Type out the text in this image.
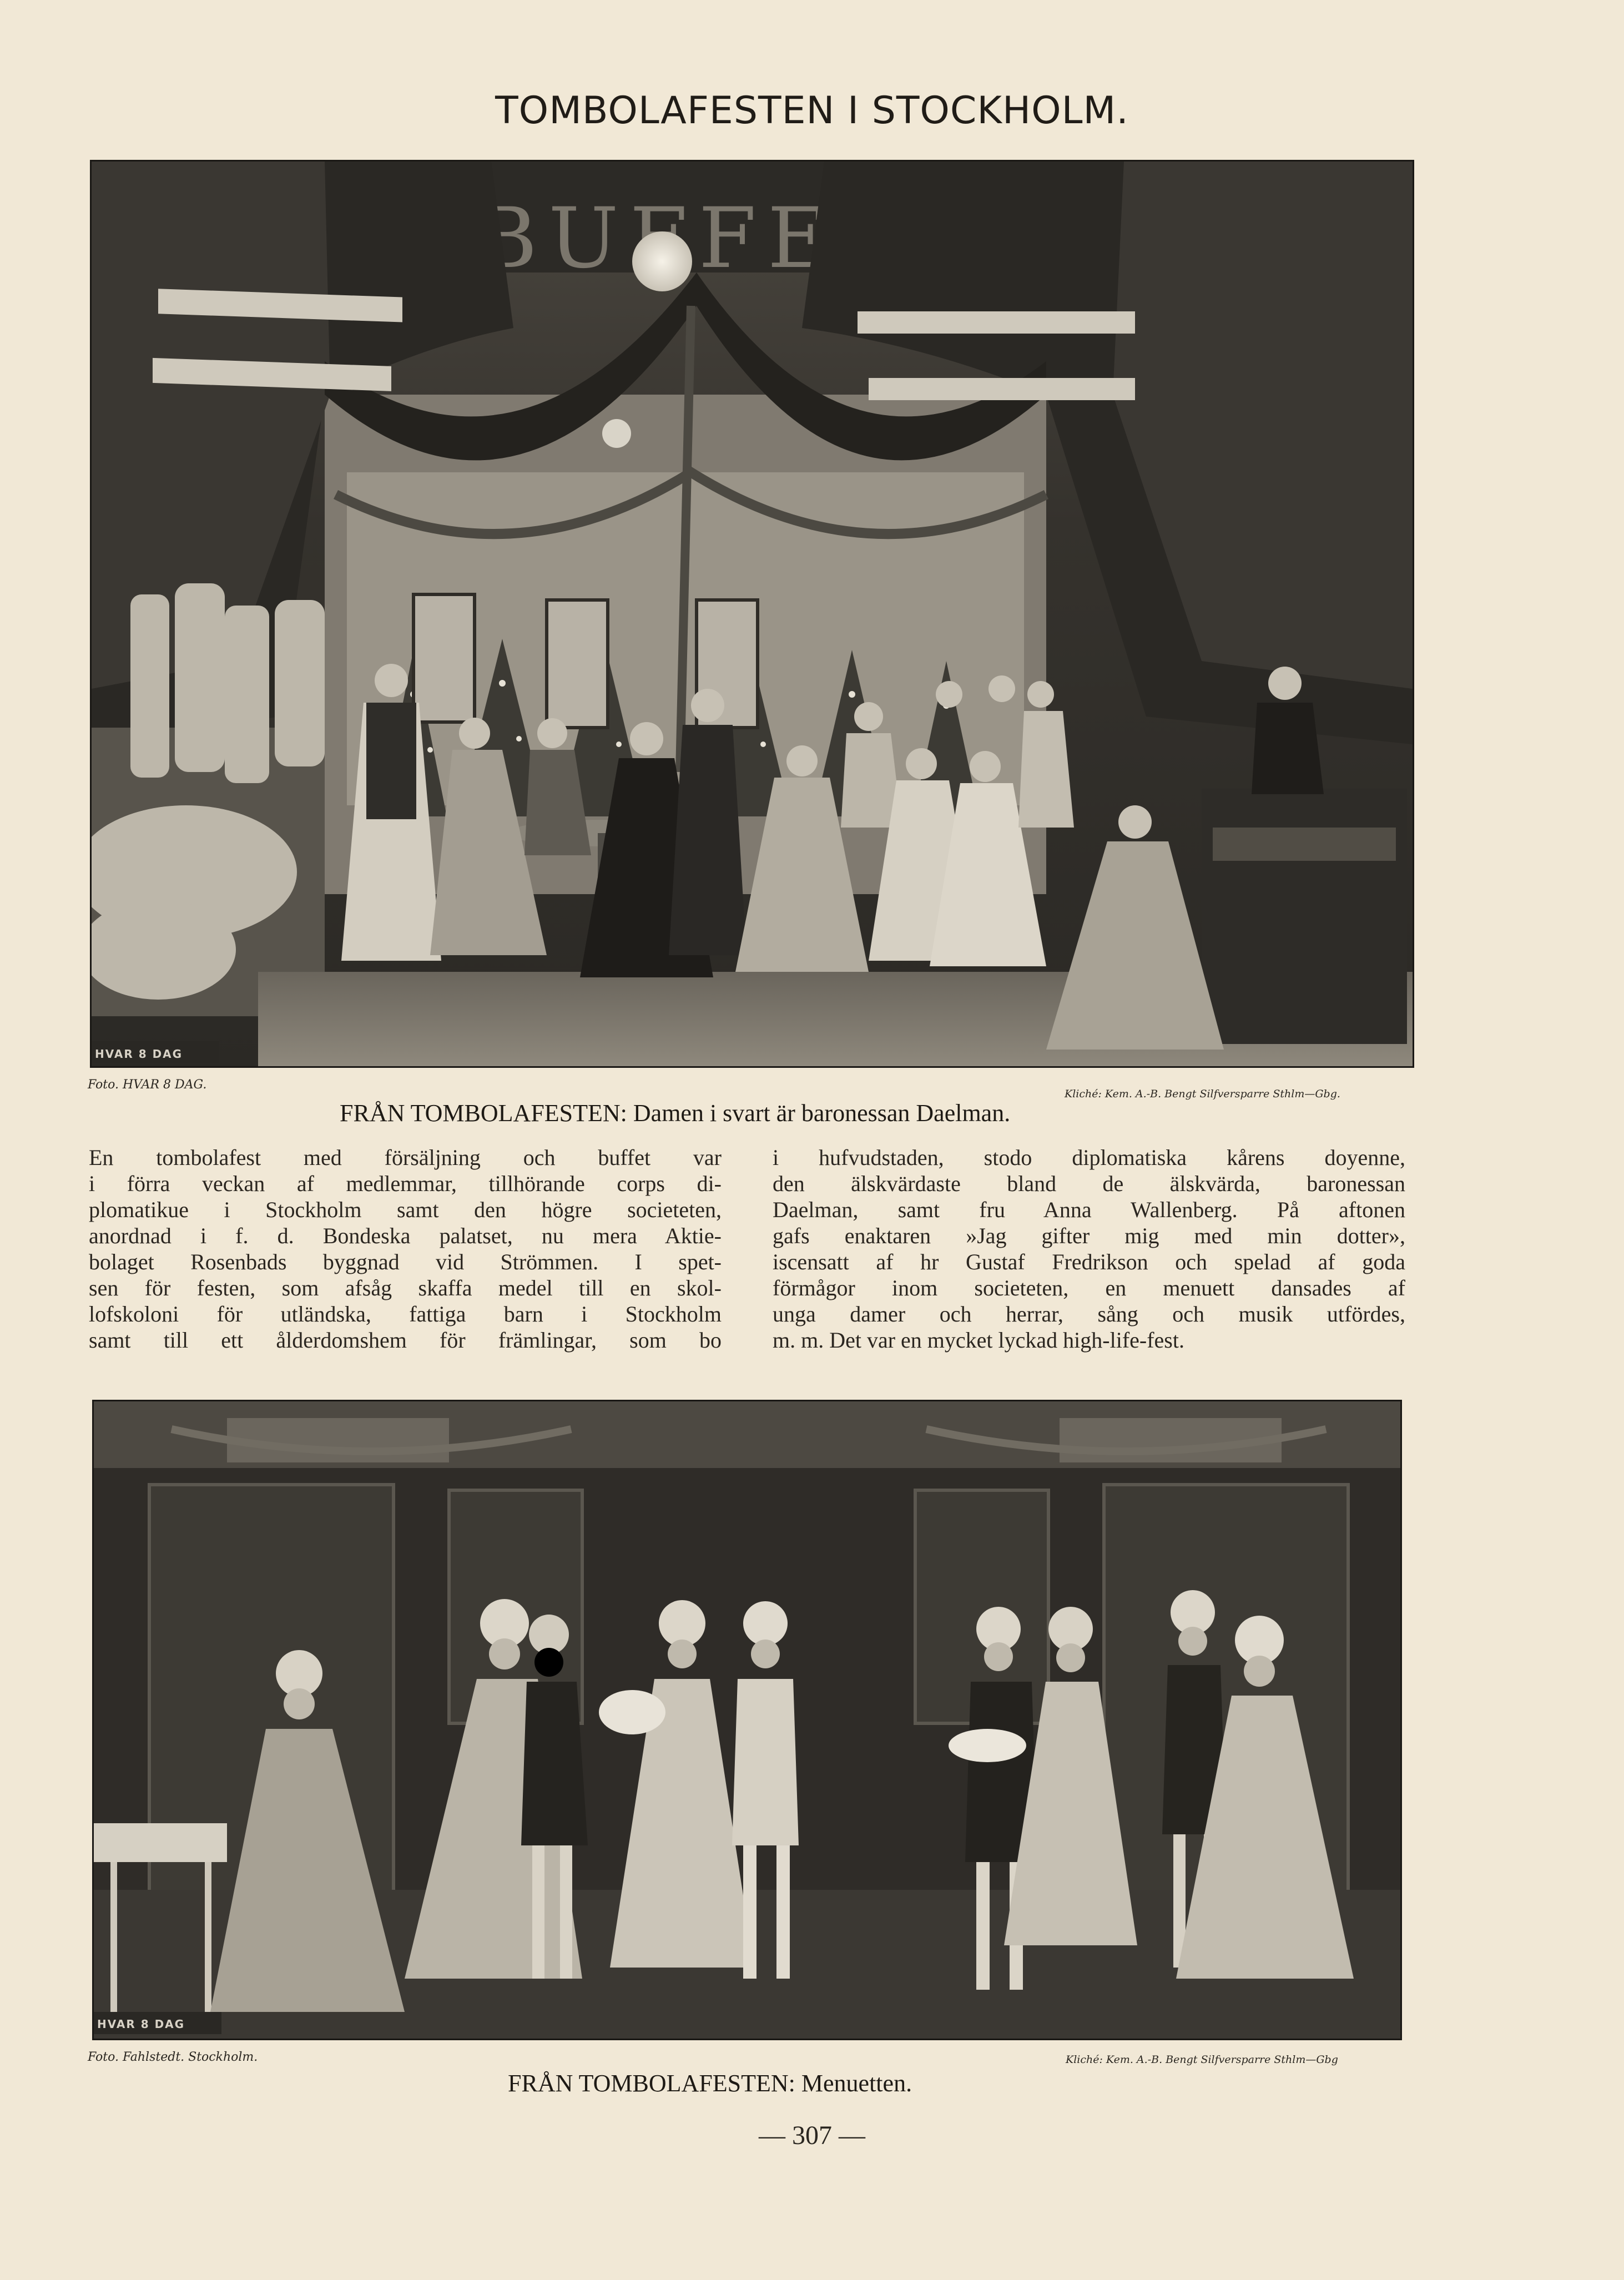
TOMBOLAFESTEN I STOCKHOLM.
HVAR 8 DAG
Foto. HVAR 8 DAG.
Kliché: Kem. A.-B. Bengt Silfversparre Sthlm—Gbg.
FRÅN TOMBOLAFESTEN: Damen i svart är baronessan Daelman.

En tombolafest med försäljning och buffet var

i förra veckan af medlemmar, tillhörande corps di-

plomatikue i Stockholm samt den högre societeten,

anordnad i f. d. Bondeska palatset, nu mera Aktie-

bolaget Rosenbads byggnad vid Strömmen. I spet-

sen för festen, som afsåg skaffa medel till en skol-

lofskoloni för utländska, fattiga barn i Stockholm

samt till ett ålderdomshem för främlingar, som bo

i hufvudstaden, stodo diplomatiska kårens doyenne,

den älskvärdaste bland de älskvärda, baronessan

Daelman, samt fru Anna Wallenberg. På aftonen

gafs enaktaren »Jag gifter mig med min dotter»,

iscensatt af hr Gustaf Fredrikson och spelad af goda

förmågor inom societeten, en menuett dansades af

unga damer och herrar, sång och musik utfördes,

m. m. Det var en mycket lyckad high-life-fest.

HVAR 8 DAG
Foto. Fahlstedt. Stockholm.	Kliché: Kem. A.-B. Bengt Silfversparre Sthlm—Gbg
FRÅN TOMBOLAFESTEN: Menuetten.
— 307 —
